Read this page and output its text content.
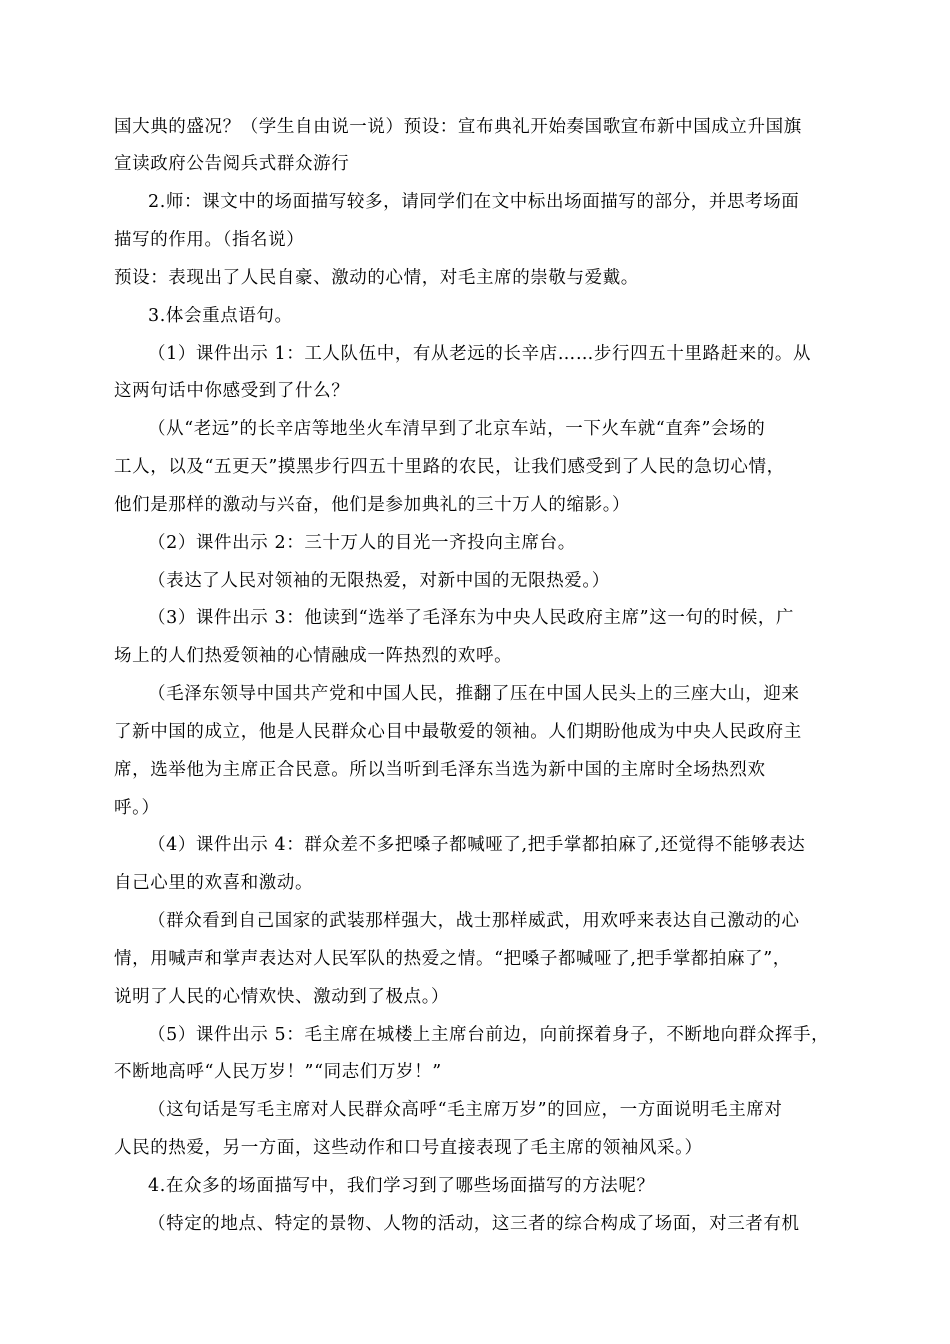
国大典的盛况？（学生自由说一说）预设：宣布典礼开始奏国歌宣布新中国成立升国旗
宣读政府公告阅兵式群众游行
2.师：课文中的场面描写较多，请同学们在文中标出场面描写的部分，并思考场面
描写的作用。（指名说）
预设：表现出了人民自豪、激动的心情，对毛主席的崇敬与爱戴。
3.体会重点语句。
（1）课件出示 1：工人队伍中，有从老远的长辛店……步行四五十里路赶来的。从
这两句话中你感受到了什么？
（从“老远”的长辛店等地坐火车清早到了北京车站，一下火车就“直奔”会场的
工人，以及“五更天”摸黑步行四五十里路的农民，让我们感受到了人民的急切心情，
他们是那样的激动与兴奋，他们是参加典礼的三十万人的缩影。）
（2）课件出示 2：三十万人的目光一齐投向主席台。
（表达了人民对领袖的无限热爱，对新中国的无限热爱。）
（3）课件出示 3：他读到“选举了毛泽东为中央人民政府主席”这一句的时候，广
场上的人们热爱领袖的心情融成一阵热烈的欢呼。
（毛泽东领导中国共产党和中国人民，推翻了压在中国人民头上的三座大山，迎来
了新中国的成立，他是人民群众心目中最敬爱的领袖。人们期盼他成为中央人民政府主
席，选举他为主席正合民意。所以当听到毛泽东当选为新中国的主席时全场热烈欢
呼。）
（4）课件出示 4：群众差不多把嗓子都喊哑了,把手掌都拍麻了,还觉得不能够表达
自己心里的欢喜和激动。
（群众看到自己国家的武装那样强大，战士那样威武，用欢呼来表达自己激动的心
情，用喊声和掌声表达对人民军队的热爱之情。“把嗓子都喊哑了,把手掌都拍麻了”，
说明了人民的心情欢快、激动到了极点。）
（5）课件出示 5：毛主席在城楼上主席台前边，向前探着身子，不断地向群众挥手，
不断地高呼“人民万岁！”“同志们万岁！”
（这句话是写毛主席对人民群众高呼“毛主席万岁”的回应，一方面说明毛主席对
人民的热爱，另一方面，这些动作和口号直接表现了毛主席的领袖风采。）
4.在众多的场面描写中，我们学习到了哪些场面描写的方法呢？
（特定的地点、特定的景物、人物的活动，这三者的综合构成了场面，对三者有机
